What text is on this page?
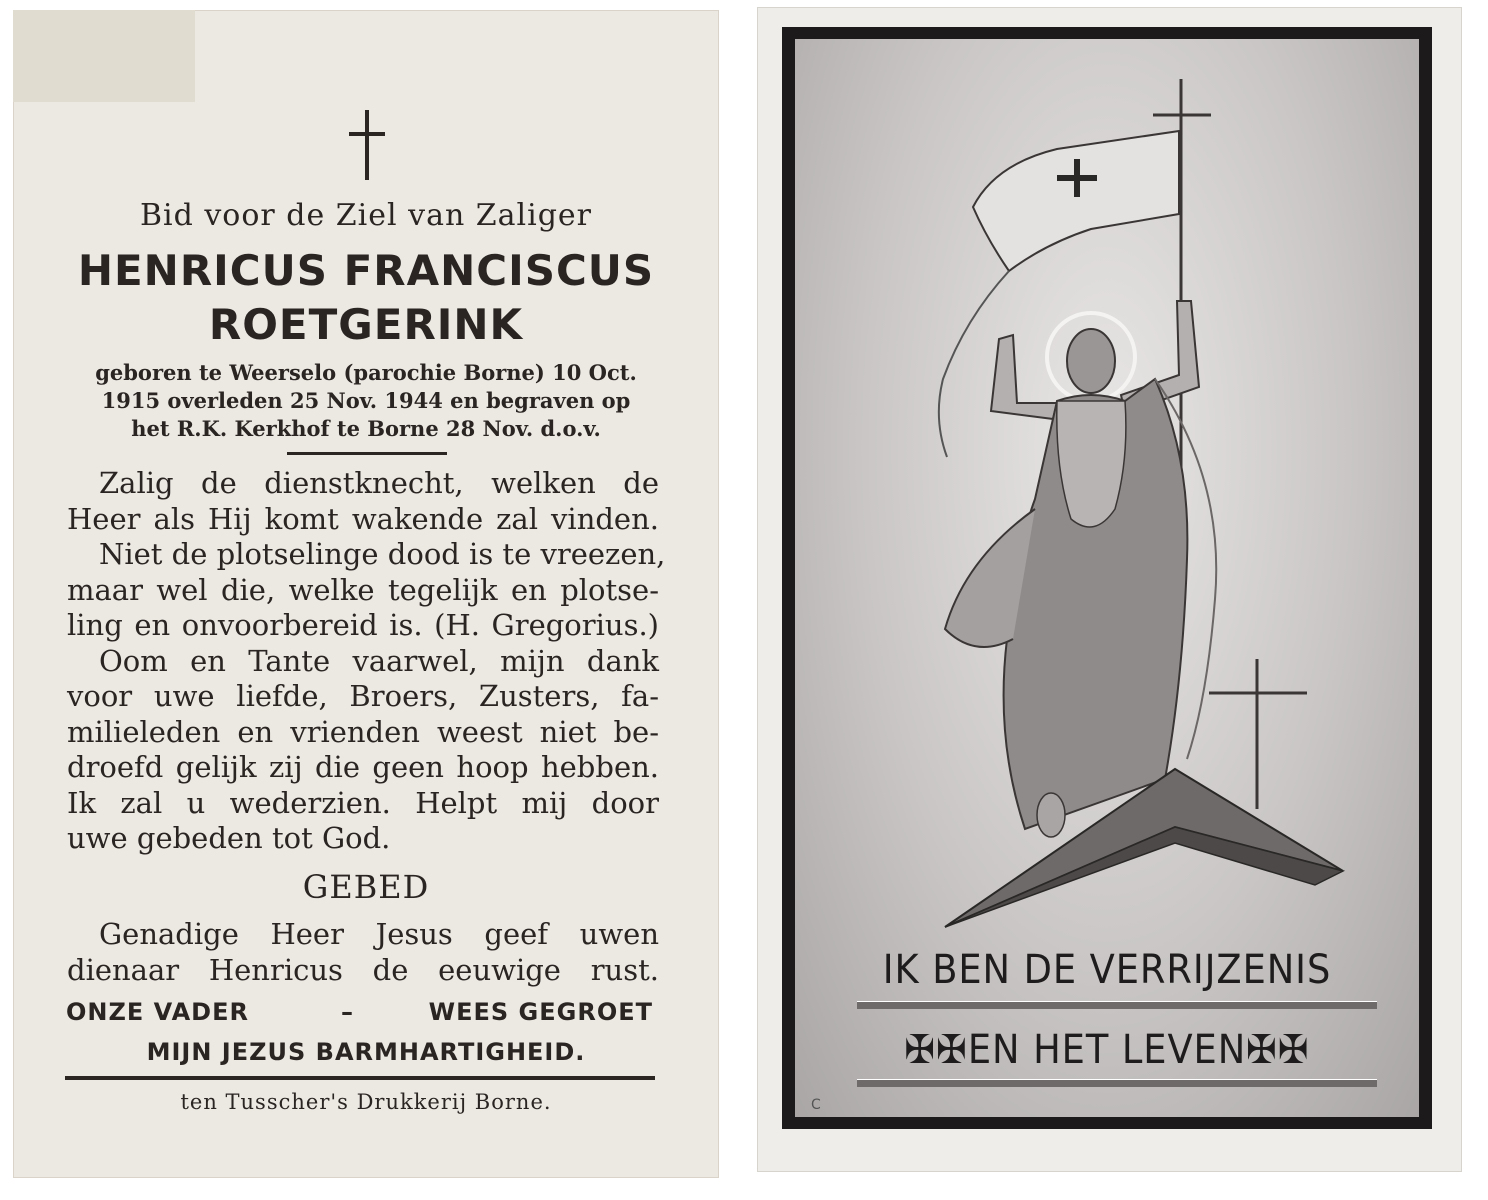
Bid voor de Ziel van Zaliger
HENRICUS FRANCISCUS
ROETGERINK
geboren te Weerselo (parochie Borne) 10 Oct.
1915 overleden 25 Nov. 1944 en begraven op
het R.K. Kerkhof te Borne 28 Nov. d.o.v.
Zalig de dienstknecht, welken de
Heer als Hij komt wakende zal vinden.
Niet de plotselinge dood is te vreezen,
maar wel die, welke tegelijk en plotse-
ling en onvoorbereid is. (H. Gregorius.)
Oom en Tante vaarwel, mijn dank
voor uwe liefde, Broers, Zusters, fa-
milieleden en vrienden weest niet be-
droefd gelijk zij die geen hoop hebben.
Ik zal u wederzien. Helpt mij door
uwe gebeden tot God.
GEBED
Genadige Heer Jesus geef uwen
dienaar Henricus de eeuwige rust.
ONZE VADER	–	WEES GEGROET
MIJN JEZUS BARMHARTIGHEID.
ten Tusscher's Drukkerij Borne.
IK BEN DE VERRIJZENIS
✠✠EN HET LEVEN✠✠
C
